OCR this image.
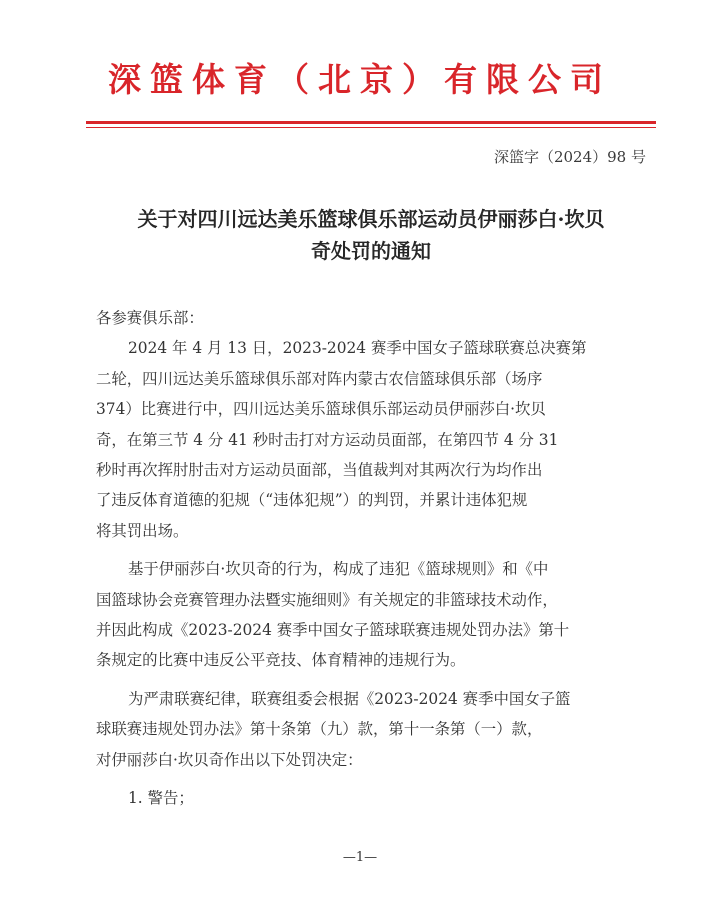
深篮体育（北京）有限公司
深篮字（2024）98 号
关于对四川远达美乐篮球俱乐部运动员伊丽莎白·坎贝
奇处罚的通知

各参赛俱乐部：

2024 年 4 月 13 日，2023-2024 赛季中国女子篮球联赛总决赛第

二轮，四川远达美乐篮球俱乐部对阵内蒙古农信篮球俱乐部（场序

374）比赛进行中，四川远达美乐篮球俱乐部运动员伊丽莎白·坎贝

奇，在第三节 4 分 41 秒时击打对方运动员面部，在第四节 4 分 31

秒时再次挥肘肘击对方运动员面部，当值裁判对其两次行为均作出

了违反体育道德的犯规（“违体犯规”）的判罚，并累计违体犯规

将其罚出场。

基于伊丽莎白·坎贝奇的行为，构成了违犯《篮球规则》和《中

国篮球协会竞赛管理办法暨实施细则》有关规定的非篮球技术动作，

并因此构成《2023-2024 赛季中国女子篮球联赛违规处罚办法》第十

条规定的比赛中违反公平竞技、体育精神的违规行为。

为严肃联赛纪律，联赛组委会根据《2023-2024 赛季中国女子篮

球联赛违规处罚办法》第十条第（九）款，第十一条第（一）款，

对伊丽莎白·坎贝奇作出以下处罚决定：

1. 警告；

—1—
